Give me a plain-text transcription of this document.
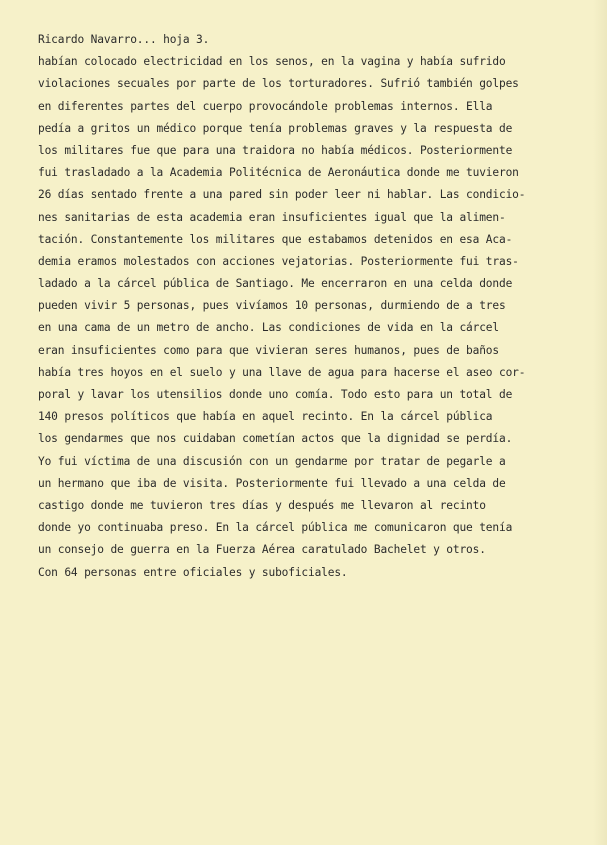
Ricardo Navarro... hoja 3.
habían colocado electricidad en los senos, en la vagina y había sufrido
violaciones secuales por parte de los torturadores. Sufrió también golpes
en diferentes partes del cuerpo provocándole problemas internos. Ella
pedía a gritos un médico porque tenía problemas graves y la respuesta de
los militares fue que para una traidora no había médicos. Posteriormente
fui trasladado a la Academia Politécnica de Aeronáutica donde me tuvieron
26 días sentado frente a una pared sin poder leer ni hablar. Las condicio-
nes sanitarias de esta academia eran insuficientes igual que la alimen-
tación. Constantemente los militares que estabamos detenidos en esa Aca-
demia eramos molestados con acciones vejatorias. Posteriormente fui tras-
ladado a la cárcel pública de Santiago. Me encerraron en una celda donde
pueden vivir 5 personas, pues vivíamos 10 personas, durmiendo de a tres
en una cama de un metro de ancho. Las condiciones de vida en la cárcel
eran insuficientes como para que vivieran seres humanos, pues de baños
había tres hoyos en el suelo y una llave de agua para hacerse el aseo cor-
poral y lavar los utensilios donde uno comía. Todo esto para un total de
140 presos políticos que había en aquel recinto. En la cárcel pública
los gendarmes que nos cuidaban cometían actos que la dignidad se perdía.
Yo fui víctima de una discusión con un gendarme por tratar de pegarle a
un hermano que iba de visita. Posteriormente fui llevado a una celda de
castigo donde me tuvieron tres días y después me llevaron al recinto
donde yo continuaba preso. En la cárcel pública me comunicaron que tenía
un consejo de guerra en la Fuerza Aérea caratulado Bachelet y otros.
Con 64 personas entre oficiales y suboficiales.
